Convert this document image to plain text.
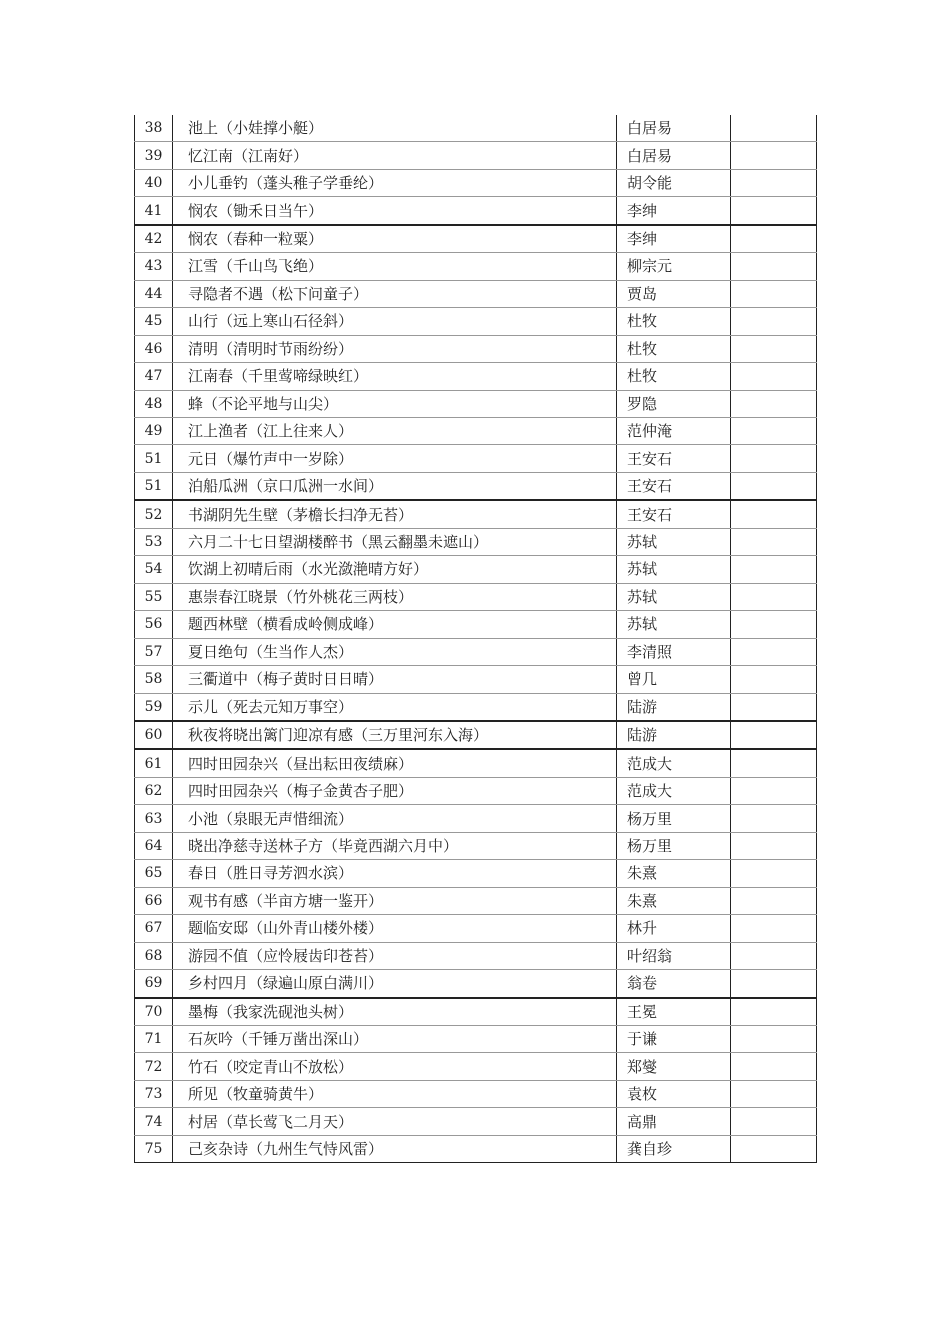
38	池上（小娃撑小艇）	白居易	
39	忆江南（江南好）	白居易	
40	小儿垂钓（蓬头稚子学垂纶）	胡令能	
41	悯农（锄禾日当午）	李绅	
42	悯农（春种一粒粟）	李绅	
43	江雪（千山鸟飞绝）	柳宗元	
44	寻隐者不遇（松下问童子）	贾岛	
45	山行（远上寒山石径斜）	杜牧	
46	清明（清明时节雨纷纷）	杜牧	
47	江南春（千里莺啼绿映红）	杜牧	
48	蜂（不论平地与山尖）	罗隐	
49	江上渔者（江上往来人）	范仲淹	
51	元日（爆竹声中一岁除）	王安石	
51	泊船瓜洲（京口瓜洲一水间）	王安石	
52	书湖阴先生壁（茅檐长扫净无苔）	王安石	
53	六月二十七日望湖楼醉书（黑云翻墨未遮山）	苏轼	
54	饮湖上初晴后雨（水光潋滟晴方好）	苏轼	
55	惠崇春江晓景（竹外桃花三两枝）	苏轼	
56	题西林壁（横看成岭侧成峰）	苏轼	
57	夏日绝句（生当作人杰）	李清照	
58	三衢道中（梅子黄时日日晴）	曾几	
59	示儿（死去元知万事空）	陆游	
60	秋夜将晓出篱门迎凉有感（三万里河东入海）	陆游	
61	四时田园杂兴（昼出耘田夜绩麻）	范成大	
62	四时田园杂兴（梅子金黄杏子肥）	范成大	
63	小池（泉眼无声惜细流）	杨万里	
64	晓出净慈寺送林子方（毕竟西湖六月中）	杨万里	
65	春日（胜日寻芳泗水滨）	朱熹	
66	观书有感（半亩方塘一鉴开）	朱熹	
67	题临安邸（山外青山楼外楼）	林升	
68	游园不值（应怜屐齿印苍苔）	叶绍翁	
69	乡村四月（绿遍山原白满川）	翁卷	
70	墨梅（我家洗砚池头树）	王冕	
71	石灰吟（千锤万凿出深山）	于谦	
72	竹石（咬定青山不放松）	郑燮	
73	所见（牧童骑黄牛）	袁枚	
74	村居（草长莺飞二月天）	高鼎	
75	己亥杂诗（九州生气恃风雷）	龚自珍	
